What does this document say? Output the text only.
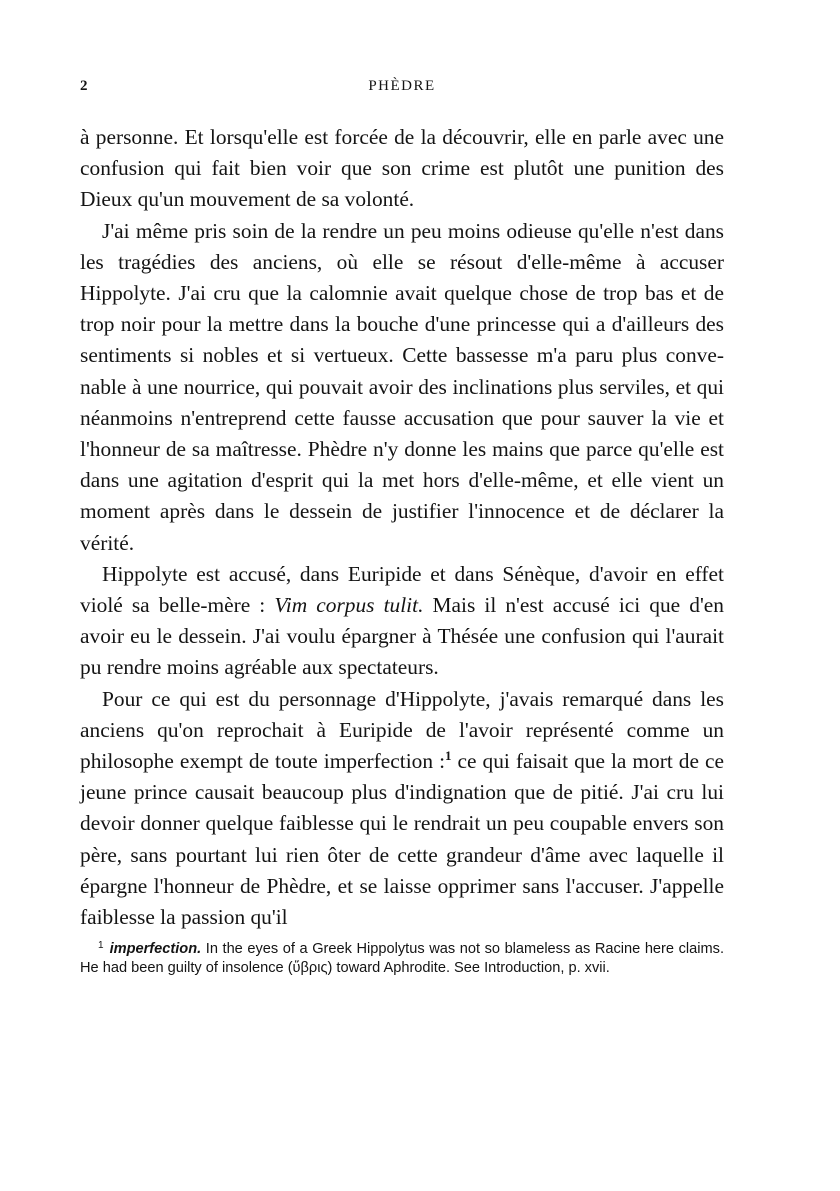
2	PHÈDRE

à personne. Et lorsqu'elle est forcée de la découvrir, elle en parle avec une confusion qui fait bien voir que son crime est plutôt une punition des Dieux qu'un mouvement de sa volonté.

J'ai même pris soin de la rendre un peu moins odieuse qu'elle n'est dans les tragédies des anciens, où elle se résout d'elle-même à accuser Hippolyte. J'ai cru que la calomnie avait quelque chose de trop bas et de trop noir pour la mettre dans la bouche d'une princesse qui a d'ailleurs des sentiments si nobles et si vertueux. Cette bassesse m'a paru plus convenable à une nourrice, qui pouvait avoir des inclinations plus serviles, et qui néanmoins n'entreprend cette fausse accusation que pour sauver la vie et l'honneur de sa maîtresse. Phèdre n'y donne les mains que parce qu'elle est dans une agitation d'esprit qui la met hors d'elle-même, et elle vient un moment après dans le dessein de justifier l'innocence et de déclarer la vérité.

Hippolyte est accusé, dans Euripide et dans Sénèque, d'avoir en effet violé sa belle-mère : Vim corpus tulit. Mais il n'est accusé ici que d'en avoir eu le dessein. J'ai voulu épargner à Thésée une confusion qui l'aurait pu rendre moins agréable aux spectateurs.

Pour ce qui est du personnage d'Hippolyte, j'avais remarqué dans les anciens qu'on reprochait à Euripide de l'avoir représenté comme un philosophe exempt de toute imperfection :$^1$ ce qui faisait que la mort de ce jeune prince causait beaucoup plus d'indignation que de pitié. J'ai cru lui devoir donner quelque faiblesse qui le rendrait un peu coupable envers son père, sans pourtant lui rien ôter de cette grandeur d'âme avec laquelle il épargne l'honneur de Phèdre, et se laisse opprimer sans l'accuser. J'appelle faiblesse la passion qu'il

$^1$ imperfection. In the eyes of a Greek Hippolytus was not so blameless as Racine here claims. He had been guilty of insolence (ὕβρις) toward Aphrodite. See Introduction, p. xvii.
